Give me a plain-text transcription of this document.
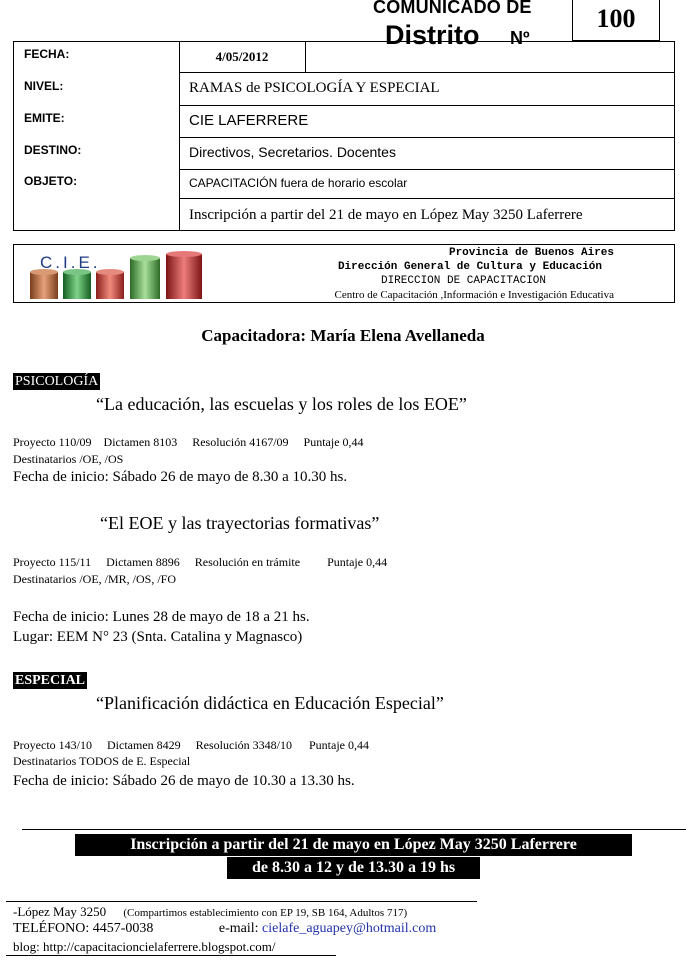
COMUNICADO DE
Distrito Nº
100
4/05/2012
FECHA:
NIVEL:
EMITE:
DESTINO:
OBJETO:
RAMAS de PSICOLOGÍA Y ESPECIAL
CIE LAFERRERE
Directivos, Secretarios. Docentes
CAPACITACIÓN fuera de horario escolar
Inscripción a partir del 21 de mayo en López May 3250 Laferrere
C.I.E.	Provincia de Buenos Aires
Dirección General de Cultura y Educación
DIRECCION DE CAPACITACION
Centro de Capacitación ,Información e Investigación Educativa
Capacitadora: María Elena Avellaneda
PSICOLOGÍA
“La educación, las escuelas y los roles de los EOE”
Proyecto 110/09 Dictamen 8103 Resolución 4167/09 Puntaje 0,44
Destinatarios /OE, /OS
Fecha de inicio: Sábado 26 de mayo de 8.30 a 10.30 hs.
“El EOE y las trayectorias formativas”
Proyecto 115/11 Dictamen 8896 Resolución en trámite Puntaje 0,44
Destinatarios /OE, /MR, /OS, /FO
Fecha de inicio: Lunes 28 de mayo de 18 a 21 hs.
Lugar: EEM N° 23 (Snta. Catalina y Magnasco)
ESPECIAL
“Planificación didáctica en Educación Especial”
Proyecto 143/10 Dictamen 8429 Resolución 3348/10 Puntaje 0,44
Destinatarios TODOS de E. Especial
Fecha de inicio: Sábado 26 de mayo de 10.30 a 13.30 hs.
Inscripción a partir del 21 de mayo en López May 3250 Laferrere
de 8.30 a 12 y de 13.30 a 19 hs
-López May 3250 (Compartimos establecimiento con EP 19, SB 164, Adultos 717)
TELÉFONO: 4457-0038	e-mail: cielafe_aguapey@hotmail.com
blog: http://capacitacioncielaferrere.blogspot.com/
